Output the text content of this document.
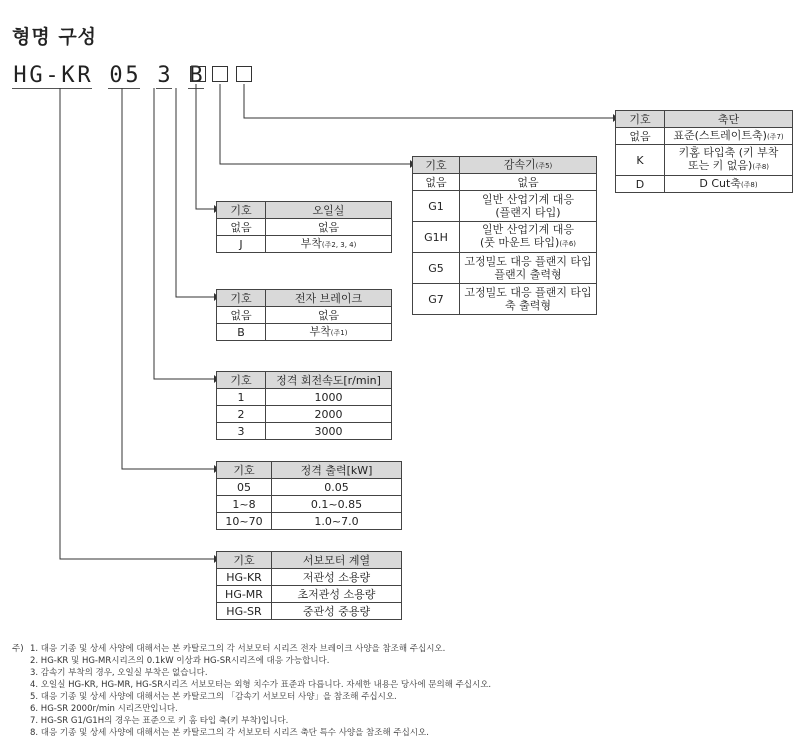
형명 구성
H G - K R 0 5 3 B
기호	축단
없음	표준(스트레이트축)(주7)
K	키홈 타입축 (키 부착
또는 키 없음)(주8)
D	D Cut축(주8)
기호	감속기(주5)
없음	없음
G1	일반 산업기계 대응
(플랜지 타입)
G1H	일반 산업기계 대응
(풋 마운트 타입)(주6)
G5	고정밀도 대응 플랜지 타입
플랜지 출력형
G7	고정밀도 대응 플랜지 타입
축 출력형
기호	오일실
없음	없음
J	부착(주2, 3, 4)
기호	전자 브레이크
없음	없음
B	부착(주1)
기호	정격 회전속도[r/min]
1	1000
2	2000
3	3000
기호	정격 출력[kW]
05	0.05
1~8	0.1~0.85
10~70	1.0~7.0
기호	서보모터 계열
HG-KR	저관성 소용량
HG-MR	초저관성 소용량
HG-SR	중관성 중용량
주) 1. 대응 기종 및 상세 사양에 대해서는 본 카탈로그의 각 서보모터 시리즈 전자 브레이크 사양을 참조해 주십시오.
2. HG-KR 및 HG-MR시리즈의 0.1kW 이상과 HG-SR시리즈에 대응 가능합니다.
3. 감속기 부착의 경우, 오일실 부착은 없습니다.
4. 오일실 HG-KR, HG-MR, HG-SR시리즈 서보모터는 외형 치수가 표준과 다릅니다. 자세한 내용은 당사에 문의해 주십시오.
5. 대응 기종 및 상세 사양에 대해서는 본 카탈로그의 「감속기 서보모터 사양」을 참조해 주십시오.
6. HG-SR 2000r/min 시리즈만입니다.
7. HG-SR G1/G1H의 경우는 표준으로 키 홈 타입 축(키 부착)입니다.
8. 대응 기종 및 상세 사양에 대해서는 본 카탈로그의 각 서보모터 시리즈 축단 특수 사양을 참조해 주십시오.
